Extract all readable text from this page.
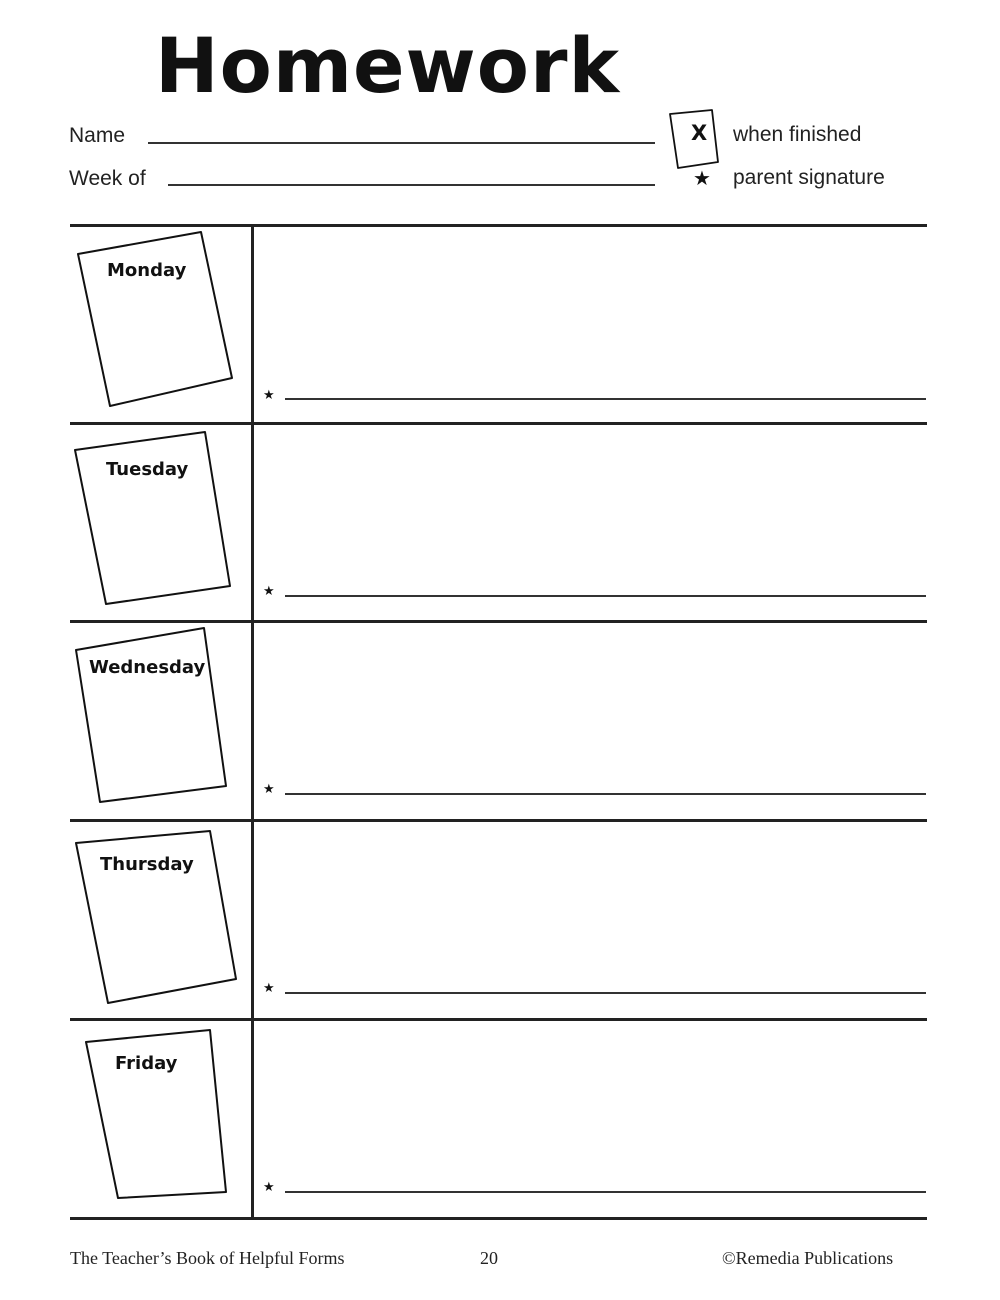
Homework
Name
Week of
X when finished
★ parent signature
Monday
★
Tuesday
★
Wednesday
★
Thursday
★
Friday
★
The Teacher’s Book of Helpful Forms	20	©Remedia Publications
